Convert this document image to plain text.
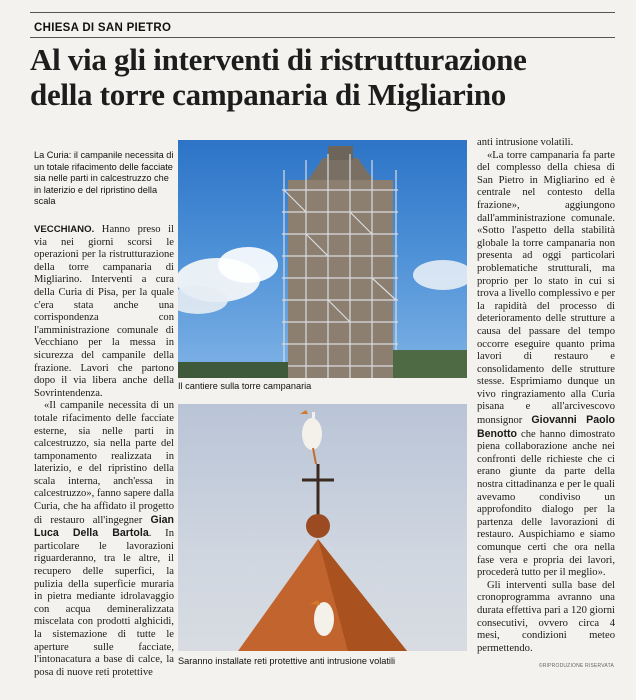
CHIESA DI SAN PIETRO
Al via gli interventi di ristrutturazione
della torre campanaria di Migliarino
La Curia: il campanile necessita di un totale rifacimento delle facciate sia nelle parti in calcestruzzo che in laterizio e del ripristino della scala

VECCHIANO. Hanno preso il via nei giorni scorsi le operazioni per la ristrutturazione della torre campanaria di Migliarino. Interventi a cura della Curia di Pisa, per la quale c'era stata anche una corrispondenza con l'amministrazione comunale di Vecchiano per la messa in sicurezza del campanile della frazione. Lavori che partono dopo il via libera anche della Sovrintendenza.

«Il campanile necessita di un totale rifacimento delle facciate esterne, sia nelle parti in calcestruzzo, sia nella parte del tamponamento realizzata in laterizio, e del ripristino della scala interna, anch'essa in calcestruzzo», fanno sapere dalla Curia, che ha affidato il progetto di restauro all'ingegner Gian Luca Della Bartola. In particolare le lavorazioni riguarderanno, tra le altre, il recupero delle superfici, la pulizia della superficie muraria in pietra mediante idrolavaggio con acqua demineralizzata miscelata con prodotti alghicidi, la sistemazione di tutte le aperture sulle facciate, l'intonacatura a base di calce, la posa di nuove reti protettive

Il cantiere sulla torre campanaria
Saranno installate reti protettive anti intrusione volatili

anti intrusione volatili.

«La torre campanaria fa parte del complesso della chiesa di San Pietro in Migliarino ed è centrale nel contesto della frazione», aggiungono dall'amministrazione comunale. «Sotto l'aspetto della stabilità globale la torre campanaria non presenta ad oggi particolari problematiche strutturali, ma proprio per lo stato in cui si trova a livello complessivo e per la rapidità del processo di deterioramento delle strutture a causa del passare del tempo occorre eseguire quanto prima lavori di restauro e consolidamento delle strutture stesse. Esprimiamo dunque un vivo ringraziamento alla Curia pisana e all'arcivescovo monsignor Giovanni Paolo Benotto che hanno dimostrato piena collaborazione anche nei confronti delle richieste che ci erano giunte da parte della nostra cittadinanza e per le quali avevamo condiviso un approfondito dialogo per la partenza delle lavorazioni di restauro. Auspichiamo e siamo comunque certi che ora nella fase vera e propria dei lavori, procederà tutto per il meglio».

Gli interventi sulla base del cronoprogramma avranno una durata effettiva pari a 120 giorni consecutivi, ovvero circa 4 mesi, condizioni meteo permettendo.

©RIPRODUZIONE RISERVATA
